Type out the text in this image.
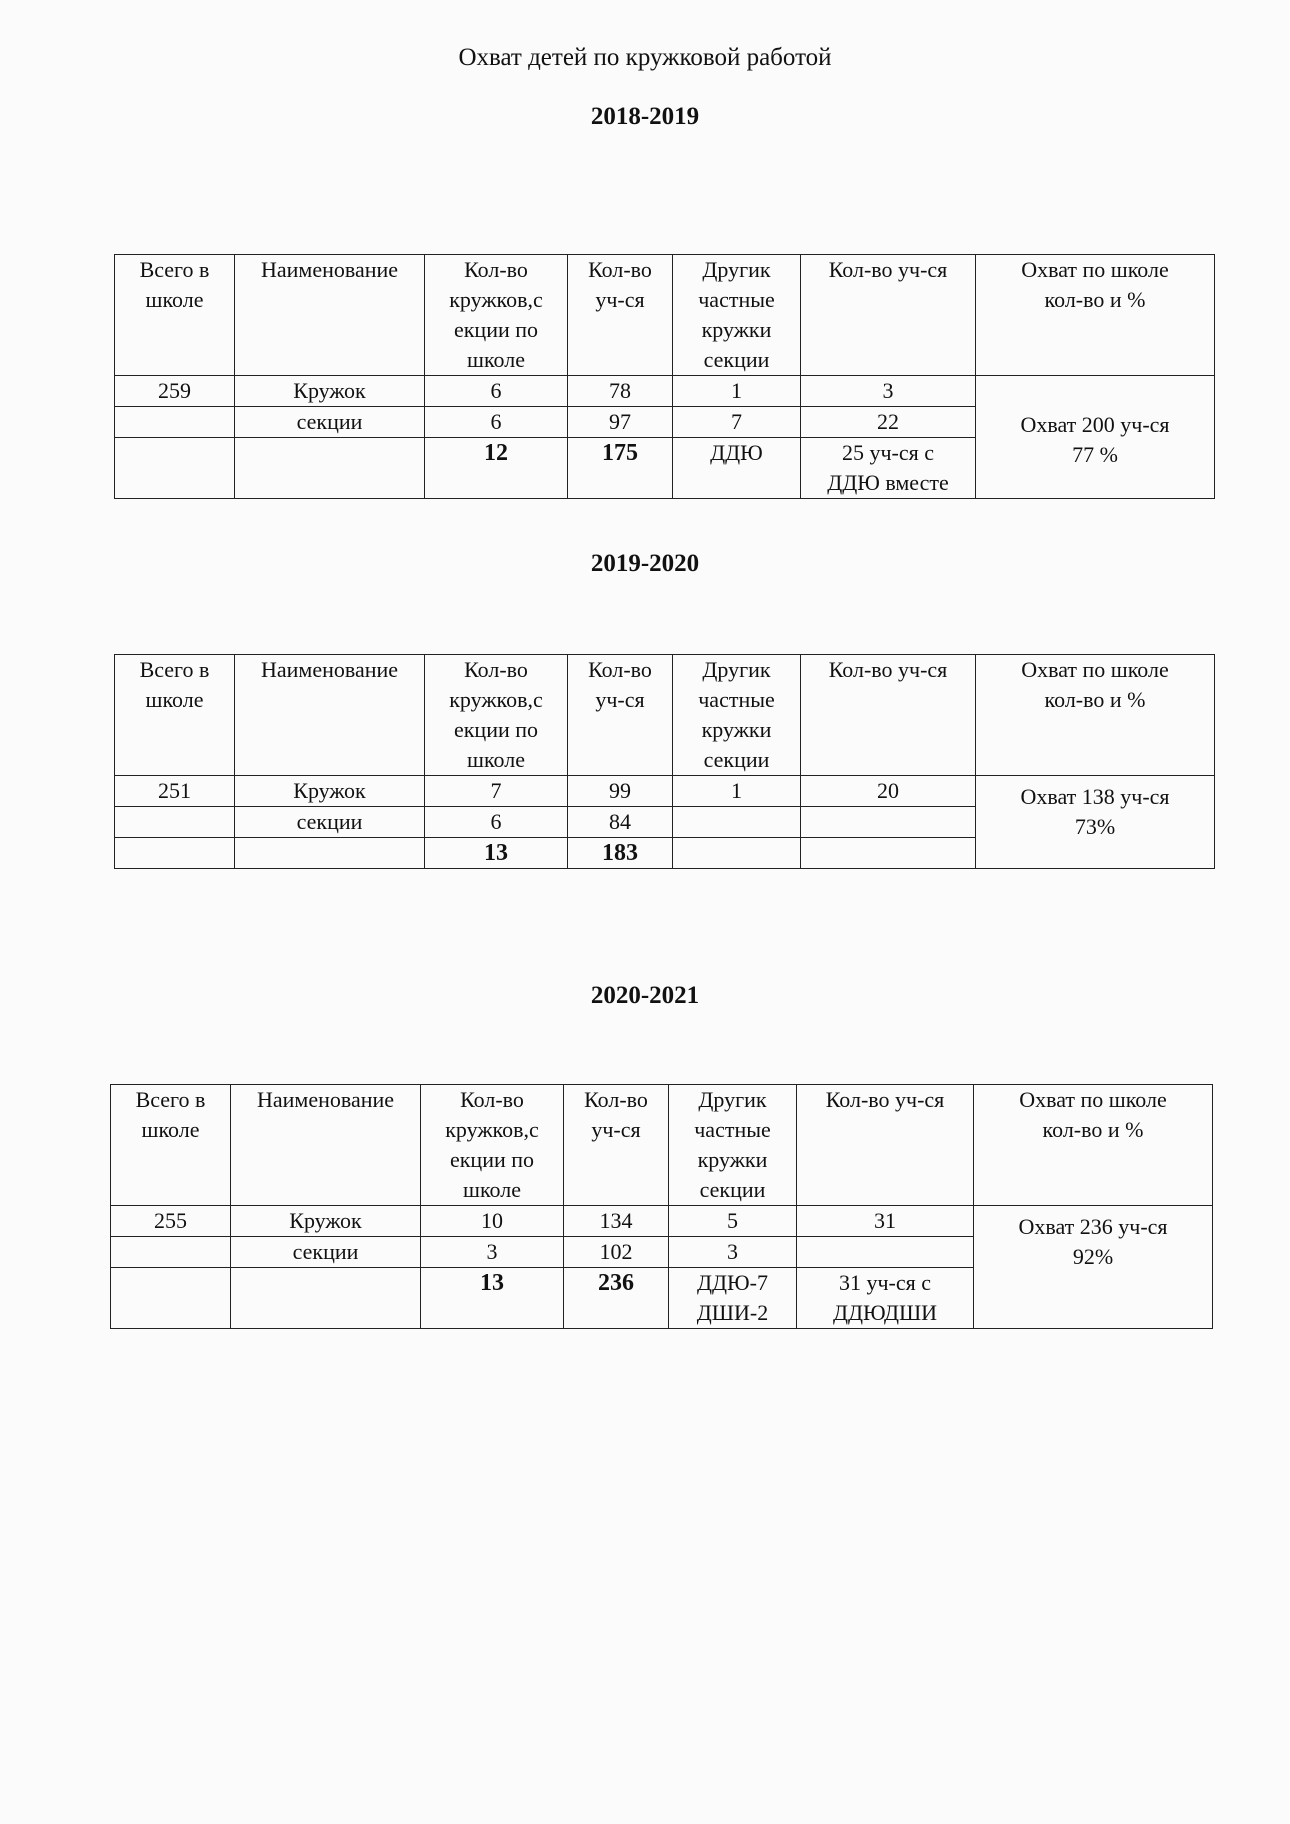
Охват детей по кружковой работой
2018-2019
Всего в
школе	Наименование	Кол-во
кружков,с
екции по
школе	Кол-во
уч-ся	Другик
частные
кружки
секции	Кол-во уч-ся	Охват по школе
кол-во и %

259	Кружок	6	78	1	3	Охват 200 уч-ся
77 %

	секции	6	97	7	22	
		12	175	ДДЮ	25 уч-ся с
ДДЮ вместе	
2019-2020
Всего в
школе	Наименование	Кол-во
кружков,с
екции по
школе	Кол-во
уч-ся	Другик
частные
кружки
секции	Кол-во уч-ся	Охват по школе
кол-во и %

251	Кружок	7	99	1	20	Охват 138 уч-ся
73%

	секции	6	84			
		13	183			
2020-2021
Всего в
школе	Наименование	Кол-во
кружков,с
екции по
школе	Кол-во
уч-ся	Другик
частные
кружки
секции	Кол-во уч-ся	Охват по школе
кол-во и %

255	Кружок	10	134	5	31	Охват 236 уч-ся
92%

	секции	3	102	3		
		13	236	ДДЮ-7
ДШИ-2	31 уч-ся с
ДДЮДШИ	
